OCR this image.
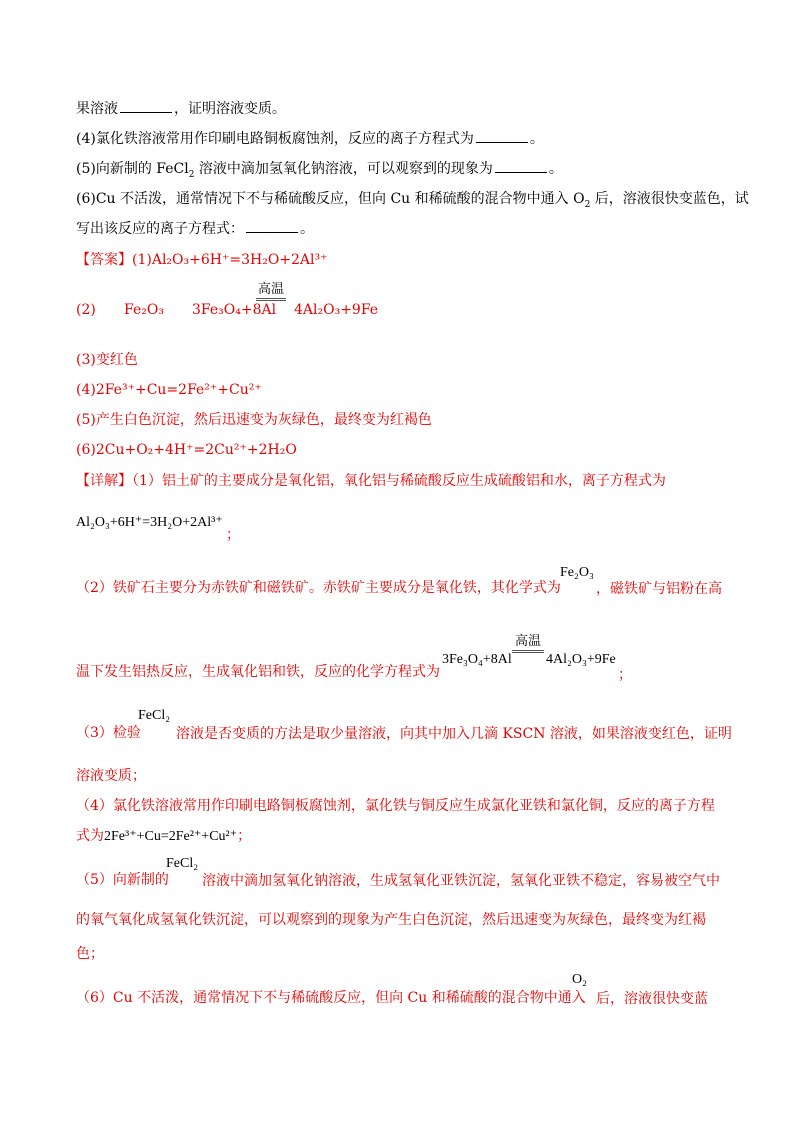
果溶液	，证明溶液变质。
(4)氯化铁溶液常用作印刷电路铜板腐蚀剂，反应的离子方程式为	。
(5)向新制的 FeCl$_2$ 溶液中滴加氢氧化钠溶液，可以观察到的现象为	。
(6)Cu 不活泼，通常情况下不与稀硫酸反应，但向 Cu 和稀硫酸的混合物中通入 $O_2$ 后，溶液很快变蓝色，试
写出该反应的离子方程式：	。
【答案】(1)Al₂O₃+6H⁺=3H₂O+2Al³⁺
(2) Fe₂O₃ 3Fe₃O₄+8Al
高温
4Al₂O₃+9Fe
(3)变红色
(4)2Fe³⁺+Cu=2Fe²⁺+Cu²⁺
(5)产生白色沉淀，然后迅速变为灰绿色，最终变为红褐色
(6)2Cu+O₂+4H⁺=2Cu²⁺+2H₂O
【详解】（1）铝土矿的主要成分是氧化铝，氧化铝与稀硫酸反应生成硫酸铝和水，离子方程式为
Al₂O₃+6H⁺=3H₂O+2Al³⁺
；
（2）铁矿石主要分为赤铁矿和磁铁矿。赤铁矿主要成分是氧化铁，其化学式为
Fe₂O₃
，磁铁矿与铝粉在高
温下发生铝热反应，生成氧化铝和铁，反应的化学方程式为
3Fe₃O₄+8Al
高温
4Al₂O₃+9Fe
；
（3）检验
FeCl₂
溶液是否变质的方法是取少量溶液，向其中加入几滴 KSCN 溶液，如果溶液变红色，证明
溶液变质；
（4）氯化铁溶液常用作印刷电路铜板腐蚀剂，氯化铁与铜反应生成氯化亚铁和氯化铜，反应的离子方程
式为2Fe³⁺+Cu=2Fe²⁺+Cu²⁺；
（5）向新制的
FeCl₂
溶液中滴加氢氧化钠溶液，生成氢氧化亚铁沉淀，氢氧化亚铁不稳定，容易被空气中
的氧气氧化成氢氧化铁沉淀，可以观察到的现象为产生白色沉淀，然后迅速变为灰绿色，最终变为红褐
色；
（6）Cu 不活泼，通常情况下不与稀硫酸反应，但向 Cu 和稀硫酸的混合物中通入
O₂
后，溶液很快变蓝
